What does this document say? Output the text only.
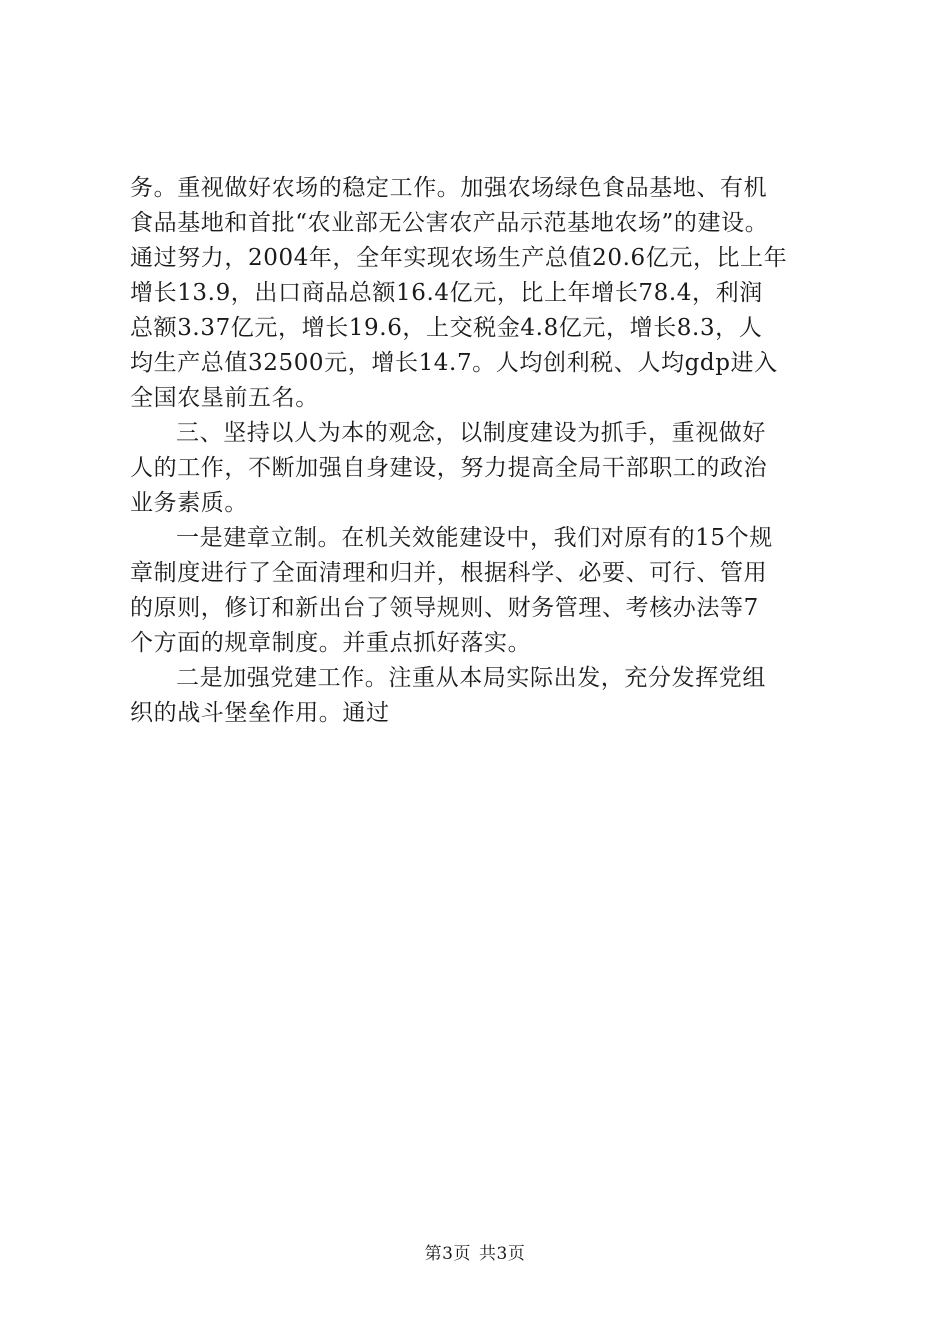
务。重视做好农场的稳定工作。加强农场绿色食品基地、有机
食品基地和首批“农业部无公害农产品示范基地农场”的建设。
通过努力，2004年，全年实现农场生产总值20.6亿元，比上年
增长13.9，出口商品总额16.4亿元，比上年增长78.4，利润
总额3.37亿元，增长19.6，上交税金4.8亿元，增长8.3，人
均生产总值32500元，增长14.7。人均创利税、人均gdp进入
全国农垦前五名。
三、坚持以人为本的观念，以制度建设为抓手，重视做好
人的工作，不断加强自身建设，努力提高全局干部职工的政治
业务素质。
一是建章立制。在机关效能建设中，我们对原有的15个规
章制度进行了全面清理和归并，根据科学、必要、可行、管用
的原则，修订和新出台了领导规则、财务管理、考核办法等7
个方面的规章制度。并重点抓好落实。
二是加强党建工作。注重从本局实际出发，充分发挥党组
织的战斗堡垒作用。通过
第3页 共3页
